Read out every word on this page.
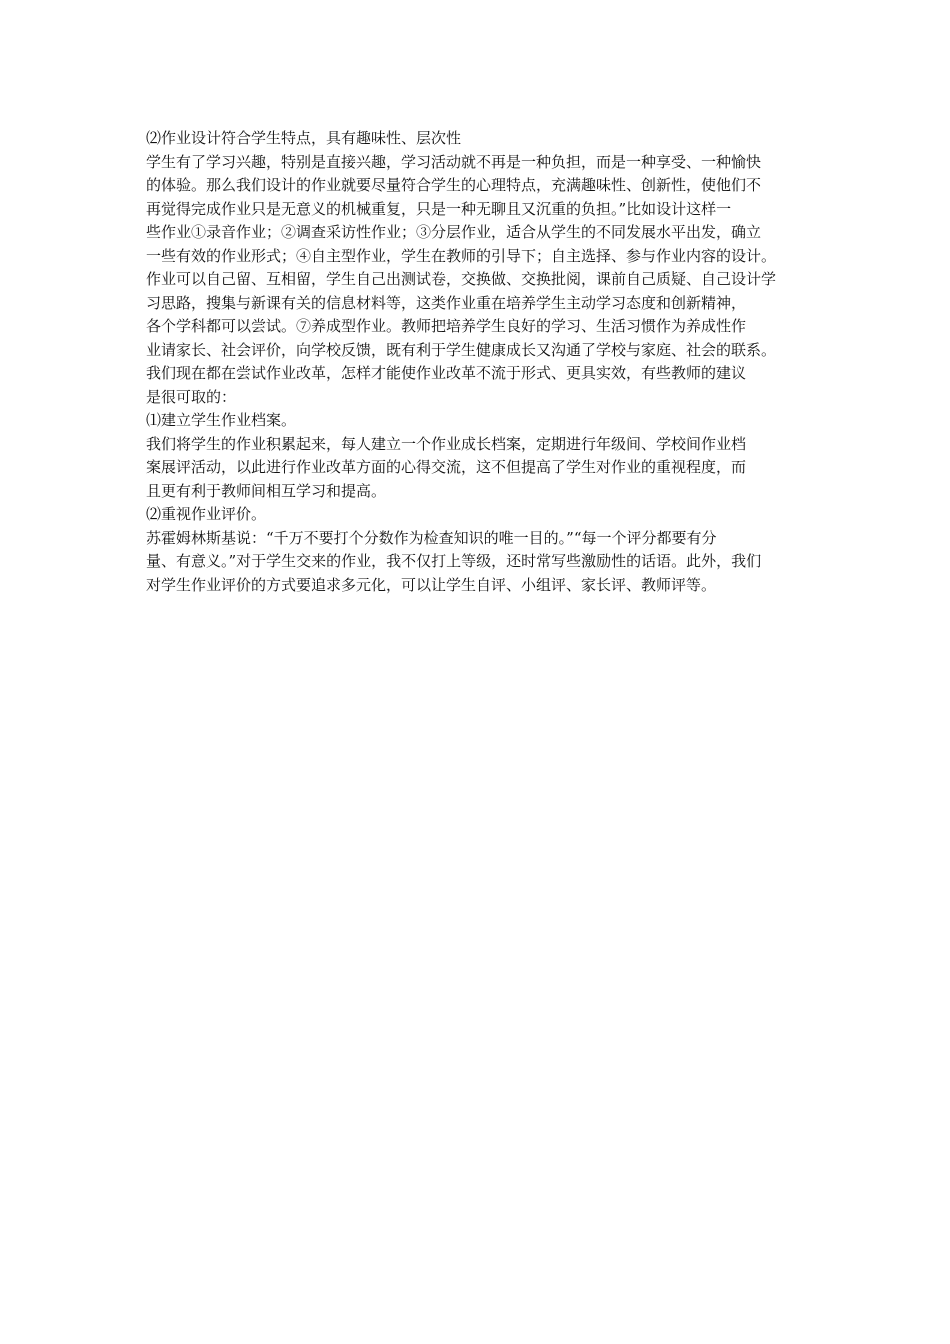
⑵作业设计符合学生特点，具有趣味性、层次性
学生有了学习兴趣，特别是直接兴趣，学习活动就不再是一种负担，而是一种享受、一种愉快
的体验。那么我们设计的作业就要尽量符合学生的心理特点，充满趣味性、创新性，使他们不
再觉得完成作业只是无意义的机械重复，只是一种无聊且又沉重的负担。”比如设计这样一
些作业①录音作业；②调查采访性作业；③分层作业，适合从学生的不同发展水平出发，确立
一些有效的作业形式；④自主型作业，学生在教师的引导下；自主选择、参与作业内容的设计。
作业可以自己留、互相留，学生自己出测试卷，交换做、交换批阅，课前自己质疑、自己设计学
习思路，搜集与新课有关的信息材料等，这类作业重在培养学生主动学习态度和创新精神，
各个学科都可以尝试。⑦养成型作业。教师把培养学生良好的学习、生活习惯作为养成性作
业请家长、社会评价，向学校反馈，既有利于学生健康成长又沟通了学校与家庭、社会的联系。
我们现在都在尝试作业改革，怎样才能使作业改革不流于形式、更具实效，有些教师的建议
是很可取的：
⑴建立学生作业档案。
我们将学生的作业积累起来，每人建立一个作业成长档案，定期进行年级间、学校间作业档
案展评活动，以此进行作业改革方面的心得交流，这不但提高了学生对作业的重视程度，而
且更有利于教师间相互学习和提高。
⑵重视作业评价。
苏霍姆林斯基说：“千万不要打个分数作为检查知识的唯一目的。”“每一个评分都要有分
量、有意义。”对于学生交来的作业，我不仅打上等级，还时常写些激励性的话语。此外，我们
对学生作业评价的方式要追求多元化，可以让学生自评、小组评、家长评、教师评等。
